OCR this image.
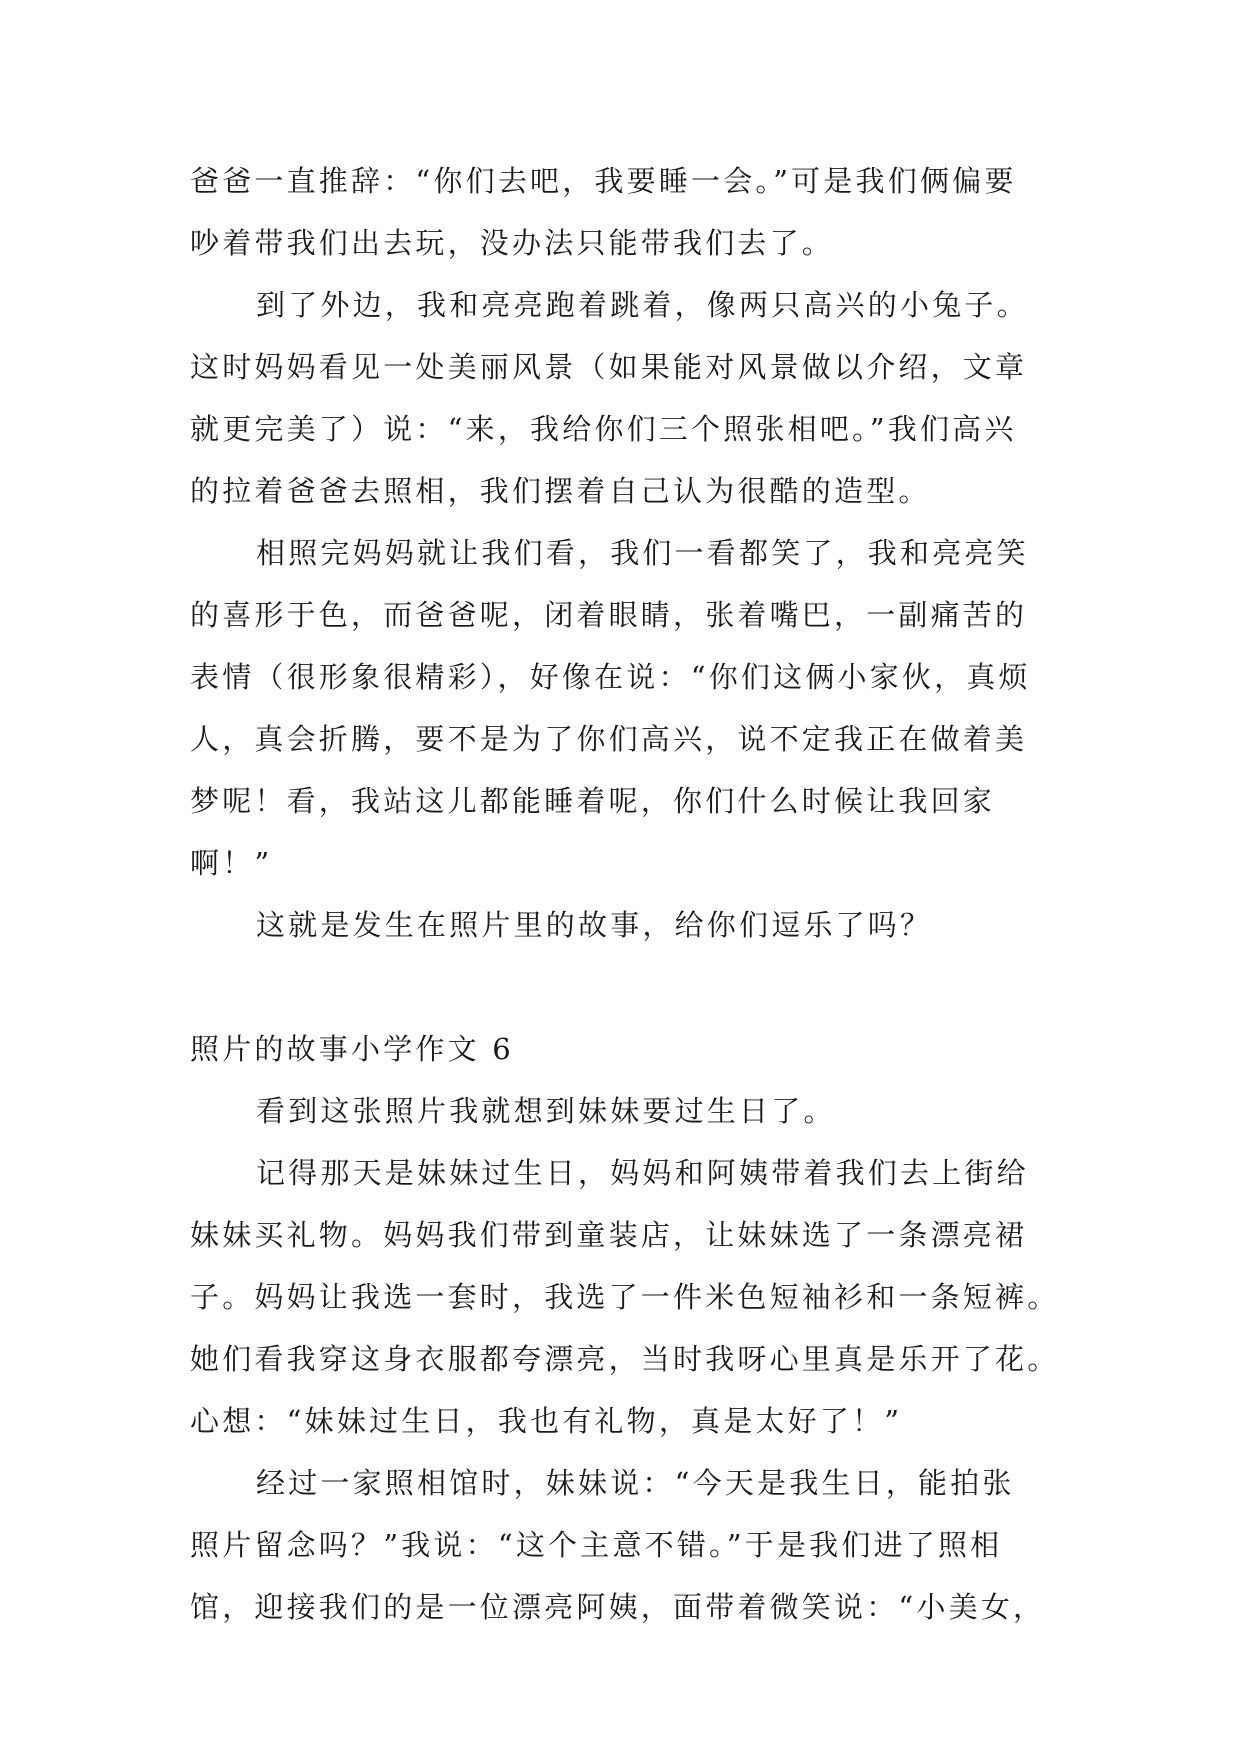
爸爸一直推辞：“你们去吧，我要睡一会。”可是我们俩偏要
吵着带我们出去玩，没办法只能带我们去了。
到了外边，我和亮亮跑着跳着，像两只高兴的小兔子。
这时妈妈看见一处美丽风景（如果能对风景做以介绍，文章
就更完美了）说：“来，我给你们三个照张相吧。”我们高兴
的拉着爸爸去照相，我们摆着自己认为很酷的造型。
相照完妈妈就让我们看，我们一看都笑了，我和亮亮笑
的喜形于色，而爸爸呢，闭着眼睛，张着嘴巴，一副痛苦的
表情（很形象很精彩），好像在说：“你们这俩小家伙，真烦
人，真会折腾，要不是为了你们高兴，说不定我正在做着美
梦呢！看，我站这儿都能睡着呢，你们什么时候让我回家
啊！”
这就是发生在照片里的故事，给你们逗乐了吗？
照片的故事小学作文 6
看到这张照片我就想到妹妹要过生日了。
记得那天是妹妹过生日，妈妈和阿姨带着我们去上街给
妹妹买礼物。妈妈我们带到童装店，让妹妹选了一条漂亮裙
子。妈妈让我选一套时，我选了一件米色短袖衫和一条短裤。
她们看我穿这身衣服都夸漂亮，当时我呀心里真是乐开了花。
心想：“妹妹过生日，我也有礼物，真是太好了！”
经过一家照相馆时，妹妹说：“今天是我生日，能拍张
照片留念吗？”我说：“这个主意不错。”于是我们进了照相
馆，迎接我们的是一位漂亮阿姨，面带着微笑说：“小美女，
